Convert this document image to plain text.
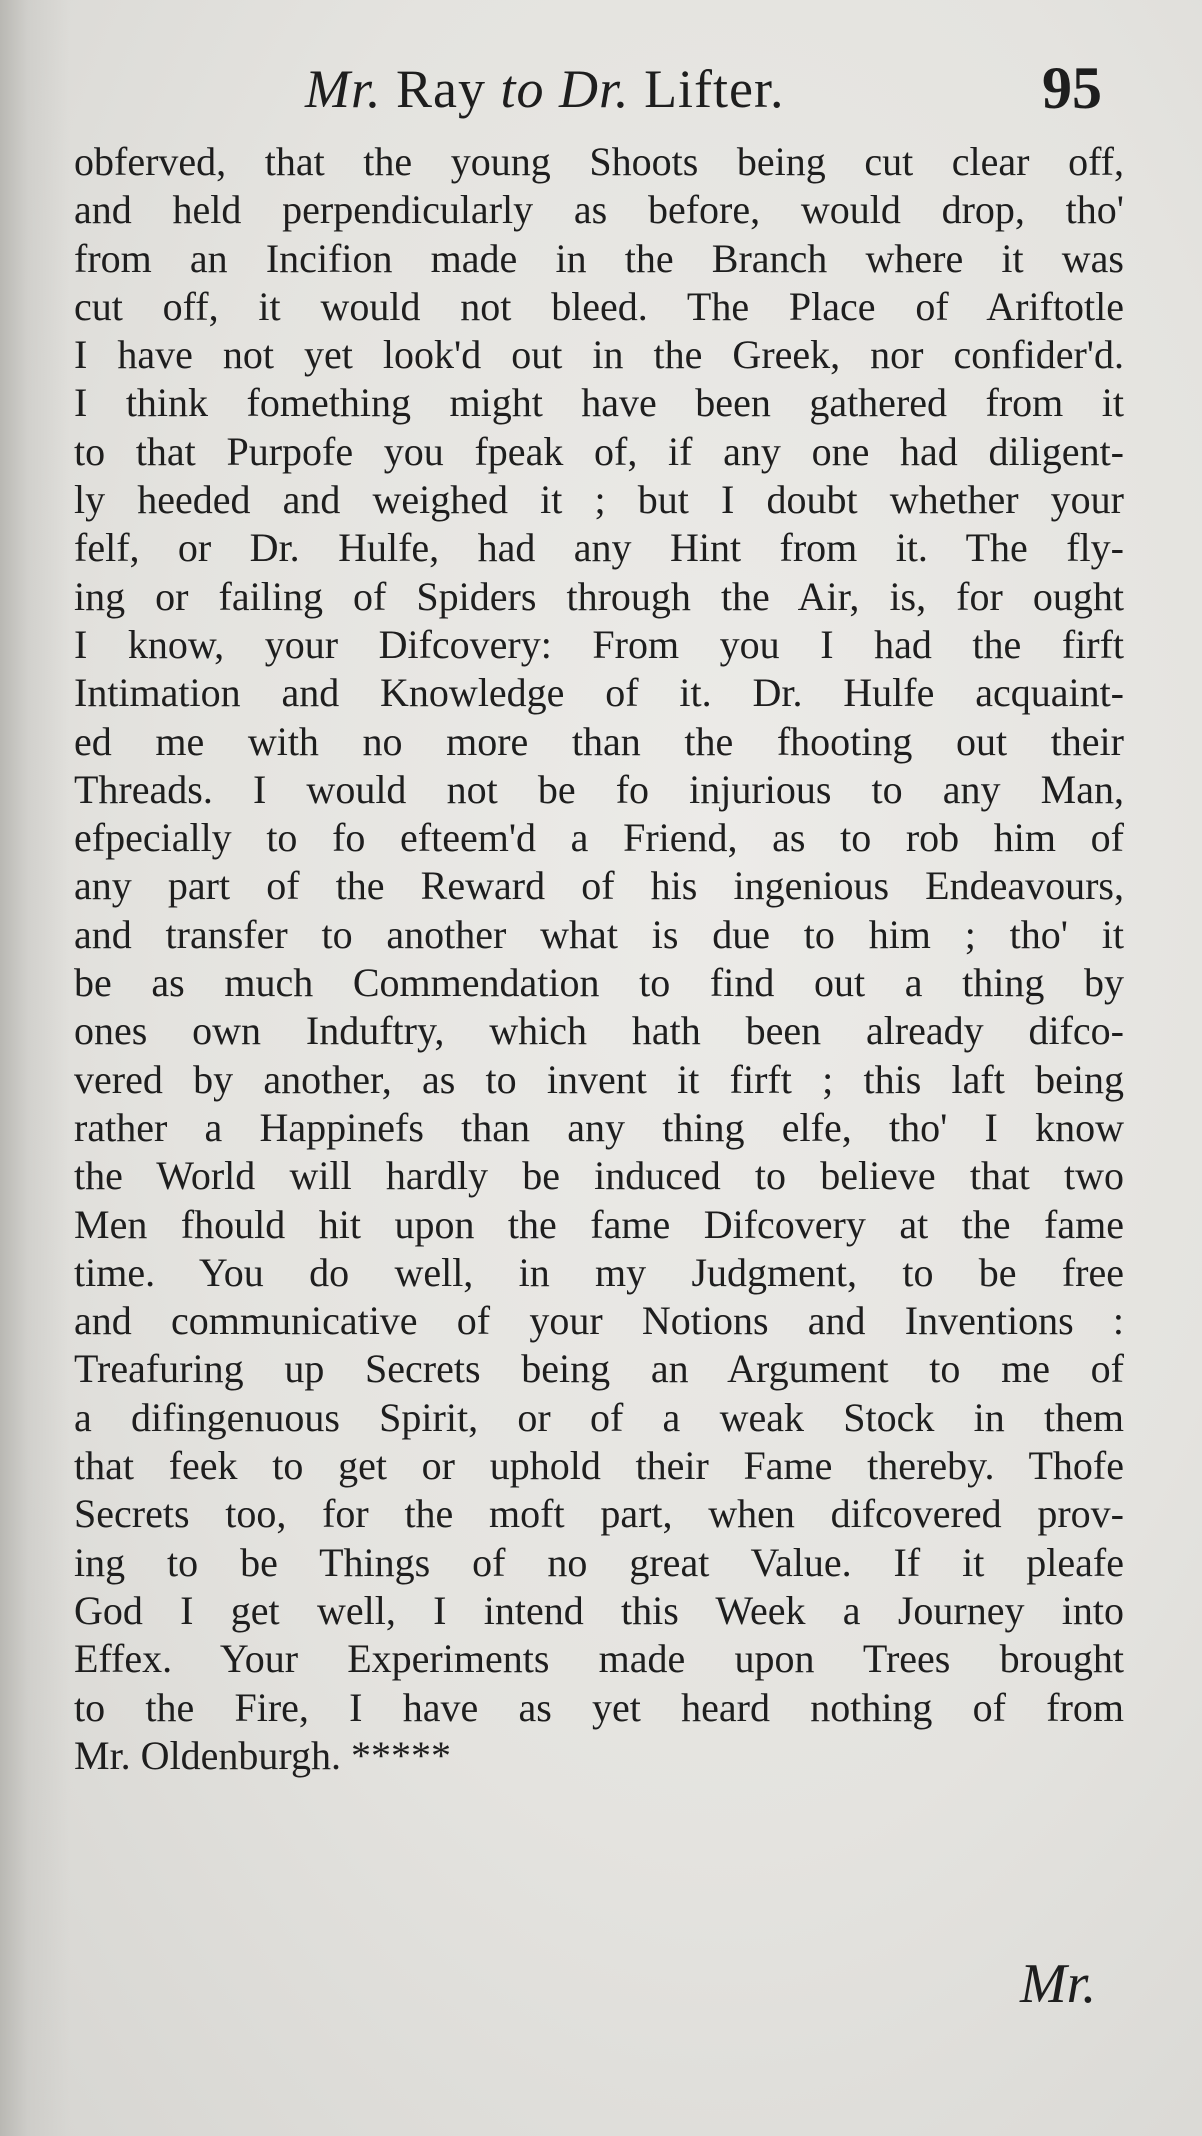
Mr. Ray to Dr. Lifter.	95
obferved, that the young Shoots being cut clear off,
and held perpendicularly as before, would drop, tho'
from an Incifion made in the Branch where it was
cut off, it would not bleed. The Place of Ariftotle
I have not yet look'd out in the Greek, nor confider'd.
I think fomething might have been gathered from it
to that Purpofe you fpeak of, if any one had diligent-
ly heeded and weighed it ; but I doubt whether your
felf, or Dr. Hulfe, had any Hint from it. The fly-
ing or failing of Spiders through the Air, is, for ought
I know, your Difcovery: From you I had the firft
Intimation and Knowledge of it. Dr. Hulfe acquaint-
ed me with no more than the fhooting out their
Threads. I would not be fo injurious to any Man,
efpecially to fo efteem'd a Friend, as to rob him of
any part of the Reward of his ingenious Endeavours,
and transfer to another what is due to him ; tho' it
be as much Commendation to find out a thing by
ones own Induftry, which hath been already difco-
vered by another, as to invent it firft ; this laft being
rather a Happinefs than any thing elfe, tho' I know
the World will hardly be induced to believe that two
Men fhould hit upon the fame Difcovery at the fame
time. You do well, in my Judgment, to be free
and communicative of your Notions and Inventions :
Treafuring up Secrets being an Argument to me of
a difingenuous Spirit, or of a weak Stock in them
that feek to get or uphold their Fame thereby. Thofe
Secrets too, for the moft part, when difcovered prov-
ing to be Things of no great Value. If it pleafe
God I get well, I intend this Week a Journey into
Effex. Your Experiments made upon Trees brought
to the Fire, I have as yet heard nothing of from
Mr. Oldenburgh. *****
Mr.
